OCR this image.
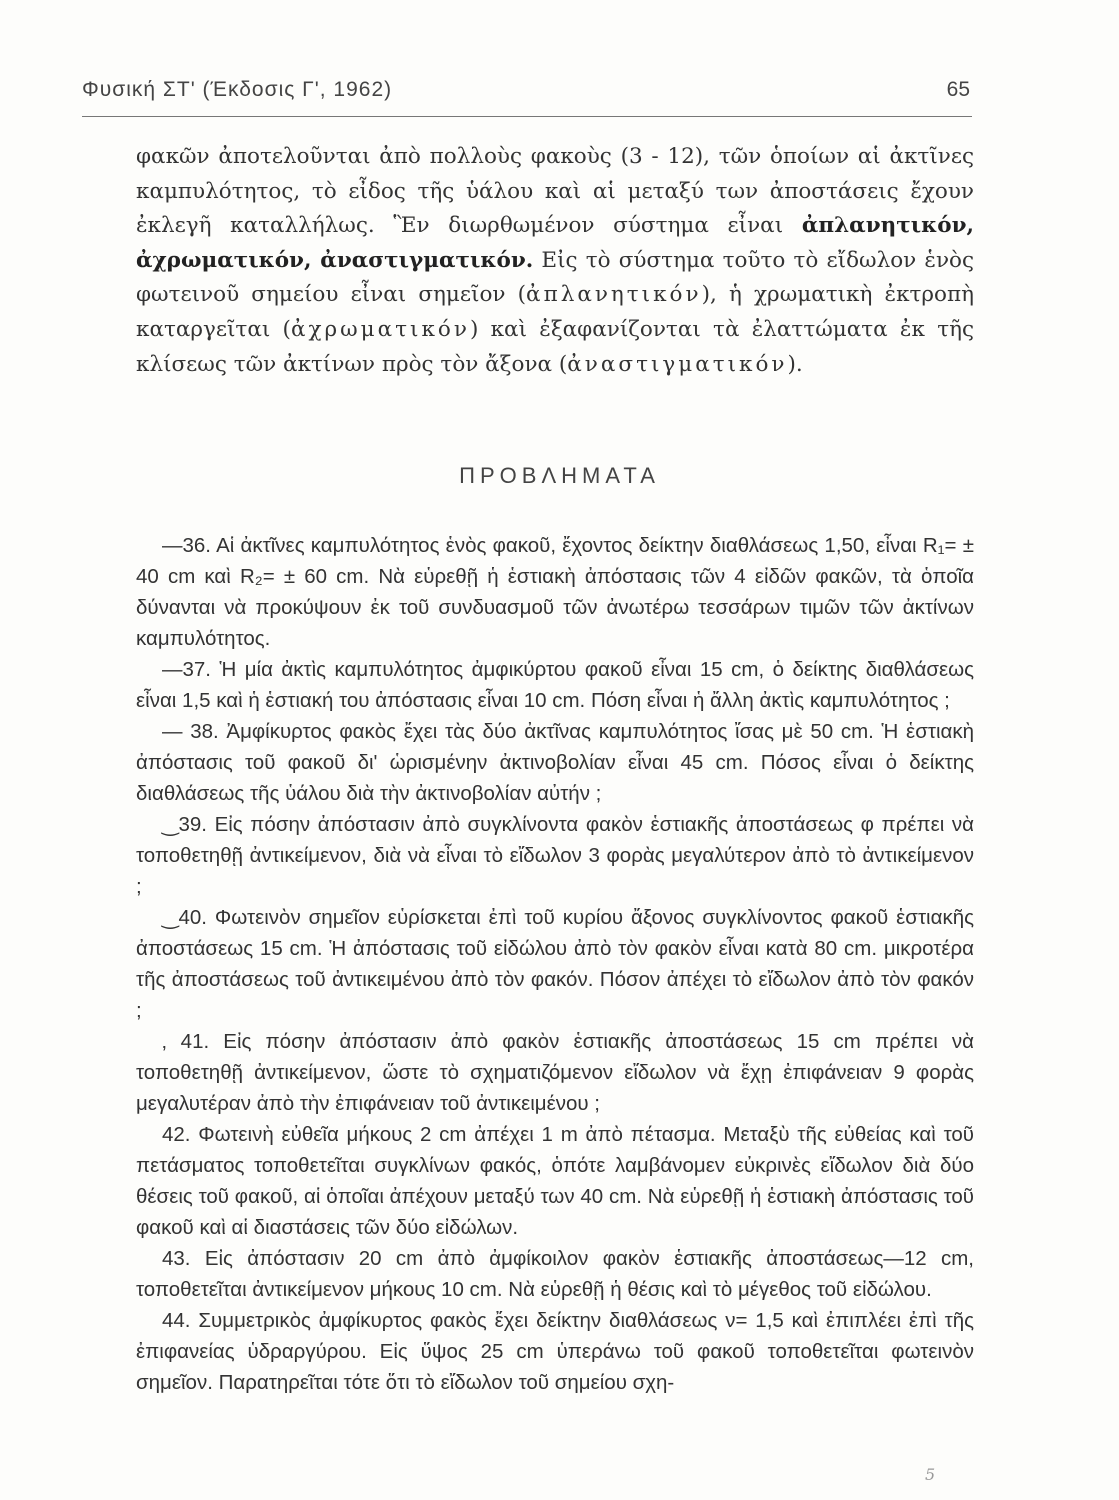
Φυσική ΣΤ' (Έκδοσις Γ', 1962)	65

φακῶν ἀποτελοῦνται ἀπὸ πολλοὺς φακοὺς (3 - 12), τῶν ὁποίων αἱ ἀκτῖνες καμπυλότητος, τὸ εἶδος τῆς ὑάλου καὶ αἱ μεταξύ των ἀποστάσεις ἔχουν ἐκλεγῆ καταλλήλως. Ἓν διωρθωμένον σύστημα εἶναι ἀπλανητικόν, ἀχρωματικόν, ἀναστιγματικόν. Εἰς τὸ σύστημα τοῦτο τὸ εἴδωλον ἑνὸς φωτεινοῦ σημείου εἶναι σημεῖον (ἀπλανητικόν), ἡ χρωματικὴ ἐκτροπὴ καταργεῖται (ἀχρωματικόν) καὶ ἐξαφανίζονται τὰ ἐλαττώματα ἐκ τῆς κλίσεως τῶν ἀκτίνων πρὸς τὸν ἄξονα (ἀναστιγματικόν).

ΠΡΟΒΛΗΜΑΤΑ

—36. Αἱ ἀκτῖνες καμπυλότητος ἑνὸς φακοῦ, ἔχοντος δείκτην διαθλάσεως 1,50, εἶναι R₁= ± 40 cm καὶ R₂= ± 60 cm. Νὰ εὑρεθῇ ἡ ἑστιακὴ ἀπόστασις τῶν 4 εἰδῶν φακῶν, τὰ ὁποῖα δύνανται νὰ προκύψουν ἐκ τοῦ συνδυασμοῦ τῶν ἀνωτέρω τεσσάρων τιμῶν τῶν ἀκτίνων καμπυλότητος.

—37. Ἡ μία ἀκτὶς καμπυλότητος ἀμφικύρτου φακοῦ εἶναι 15 cm, ὁ δείκτης διαθλάσεως εἶναι 1,5 καὶ ἡ ἑστιακή του ἀπόστασις εἶναι 10 cm. Πόση εἶναι ἡ ἄλλη ἀκτὶς καμπυλότητος ;

— 38. Ἀμφίκυρτος φακὸς ἔχει τὰς δύο ἀκτῖνας καμπυλότητος ἴσας μὲ 50 cm. Ἡ ἑστιακὴ ἀπόστασις τοῦ φακοῦ δι' ὡρισμένην ἀκτινοβολίαν εἶναι 45 cm. Πόσος εἶναι ὁ δείκτης διαθλάσεως τῆς ὑάλου διὰ τὴν ἀκτινοβολίαν αὐτήν ;

‿39. Εἰς πόσην ἀπόστασιν ἀπὸ συγκλίνοντα φακὸν ἑστιακῆς ἀποστάσεως φ πρέπει νὰ τοποθετηθῇ ἀντικείμενον, διὰ νὰ εἶναι τὸ εἴδωλον 3 φορὰς μεγαλύτερον ἀπὸ τὸ ἀντικείμενον ;

‿40. Φωτεινὸν σημεῖον εὑρίσκεται ἐπὶ τοῦ κυρίου ἄξονος συγκλίνοντος φακοῦ ἑστιακῆς ἀποστάσεως 15 cm. Ἡ ἀπόστασις τοῦ εἰδώλου ἀπὸ τὸν φακὸν εἶναι κατὰ 80 cm. μικροτέρα τῆς ἀποστάσεως τοῦ ἀντικειμένου ἀπὸ τὸν φακόν. Πόσον ἀπέχει τὸ εἴδωλον ἀπὸ τὸν φακόν ;

‚ 41. Εἰς πόσην ἀπόστασιν ἀπὸ φακὸν ἑστιακῆς ἀποστάσεως 15 cm πρέπει νὰ τοποθετηθῇ ἀντικείμενον, ὥστε τὸ σχηματιζόμενον εἴδωλον νὰ ἔχῃ ἐπιφάνειαν 9 φορὰς μεγαλυτέραν ἀπὸ τὴν ἐπιφάνειαν τοῦ ἀντικειμένου ;

42. Φωτεινὴ εὐθεῖα μήκους 2 cm ἀπέχει 1 m ἀπὸ πέτασμα. Μεταξὺ τῆς εὐθείας καὶ τοῦ πετάσματος τοποθετεῖται συγκλίνων φακός, ὁπότε λαμβάνομεν εὐκρινὲς εἴδωλον διὰ δύο θέσεις τοῦ φακοῦ, αἱ ὁποῖαι ἀπέχουν μεταξύ των 40 cm. Νὰ εὑρεθῇ ἡ ἑστιακὴ ἀπόστασις τοῦ φακοῦ καὶ αἱ διαστάσεις τῶν δύο εἰδώλων.

43. Εἰς ἀπόστασιν 20 cm ἀπὸ ἀμφίκοιλον φακὸν ἑστιακῆς ἀποστάσεως—12 cm, τοποθετεῖται ἀντικείμενον μήκους 10 cm. Νὰ εὑρεθῇ ἡ θέσις καὶ τὸ μέγεθος τοῦ εἰδώλου.

44. Συμμετρικὸς ἀμφίκυρτος φακὸς ἔχει δείκτην διαθλάσεως ν= 1,5 καὶ ἐπιπλέει ἐπὶ τῆς ἐπιφανείας ὑδραργύρου. Εἰς ὕψος 25 cm ὑπεράνω τοῦ φακοῦ τοποθετεῖται φωτεινὸν σημεῖον. Παρατηρεῖται τότε ὅτι τὸ εἴδωλον τοῦ σημείου σχη-

5
